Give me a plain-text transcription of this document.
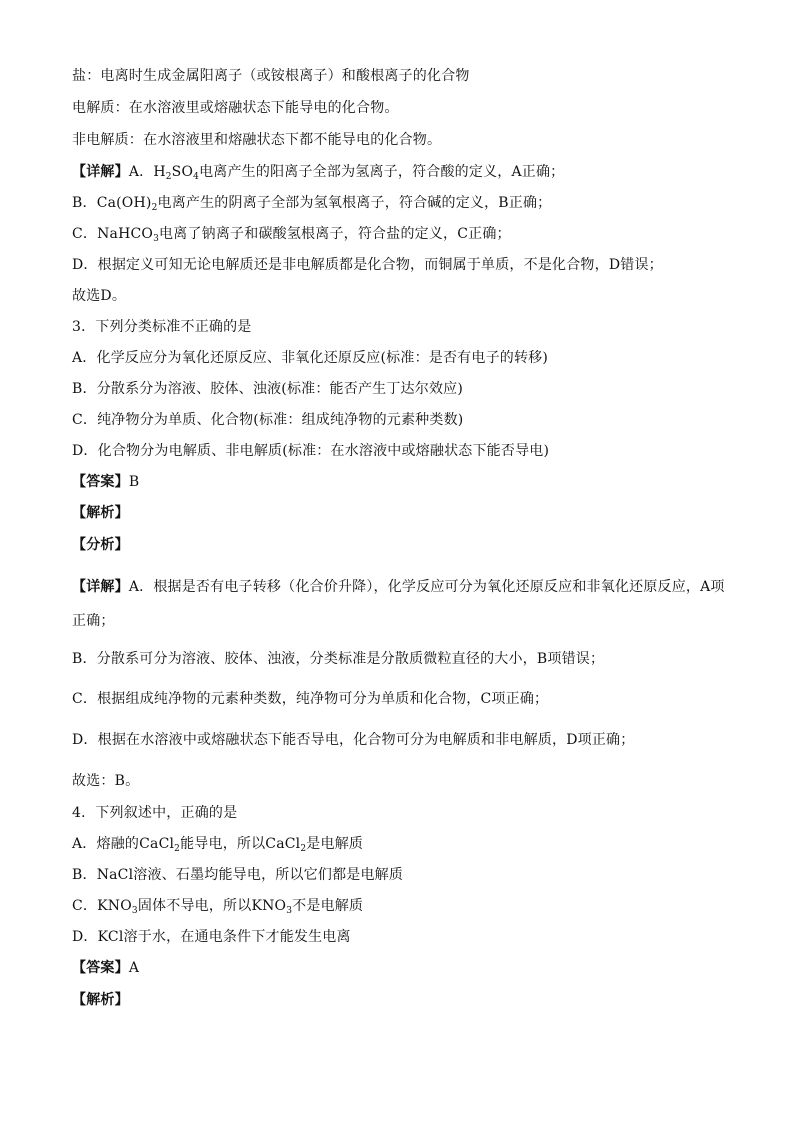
盐：电离时生成金属阳离子（或铵根离子）和酸根离子的化合物
电解质：在水溶液里或熔融状态下能导电的化合物。
非电解质：在水溶液里和熔融状态下都不能导电的化合物。
【详解】A．$H_2SO_4$电离产生的阳离子全部为氢离子，符合酸的定义，A正确；
B．$Ca(OH)_2$电离产生的阴离子全部为氢氧根离子，符合碱的定义，B正确；
C．NaHCO$_3$电离了钠离子和碳酸氢根离子，符合盐的定义，C正确；
D．根据定义可知无论电解质还是非电解质都是化合物，而铜属于单质，不是化合物，D错误；
故选D。
3．下列分类标准不正确的是
A．化学反应分为氧化还原反应、非氧化还原反应(标准：是否有电子的转移)
B．分散系分为溶液、胶体、浊液(标准：能否产生丁达尔效应)
C．纯净物分为单质、化合物(标准：组成纯净物的元素种类数)
D．化合物分为电解质、非电解质(标准：在水溶液中或熔融状态下能否导电)
【答案】B
【解析】
【分析】
【详解】A．根据是否有电子转移（化合价升降），化学反应可分为氧化还原反应和非氧化还原反应，A项正确；
B．分散系可分为溶液、胶体、浊液，分类标准是分散质微粒直径的大小，B项错误；
C．根据组成纯净物的元素种类数，纯净物可分为单质和化合物，C项正确；
D．根据在水溶液中或熔融状态下能否导电，化合物可分为电解质和非电解质，D项正确；
故选：B。
4．下列叙述中，正确的是
A．熔融的CaCl$_2$能导电，所以CaCl$_2$是电解质
B．NaCl溶液、石墨均能导电，所以它们都是电解质
C．$KNO_3$固体不导电，所以$KNO_3$不是电解质
D．KCl溶于水，在通电条件下才能发生电离
【答案】A
【解析】
